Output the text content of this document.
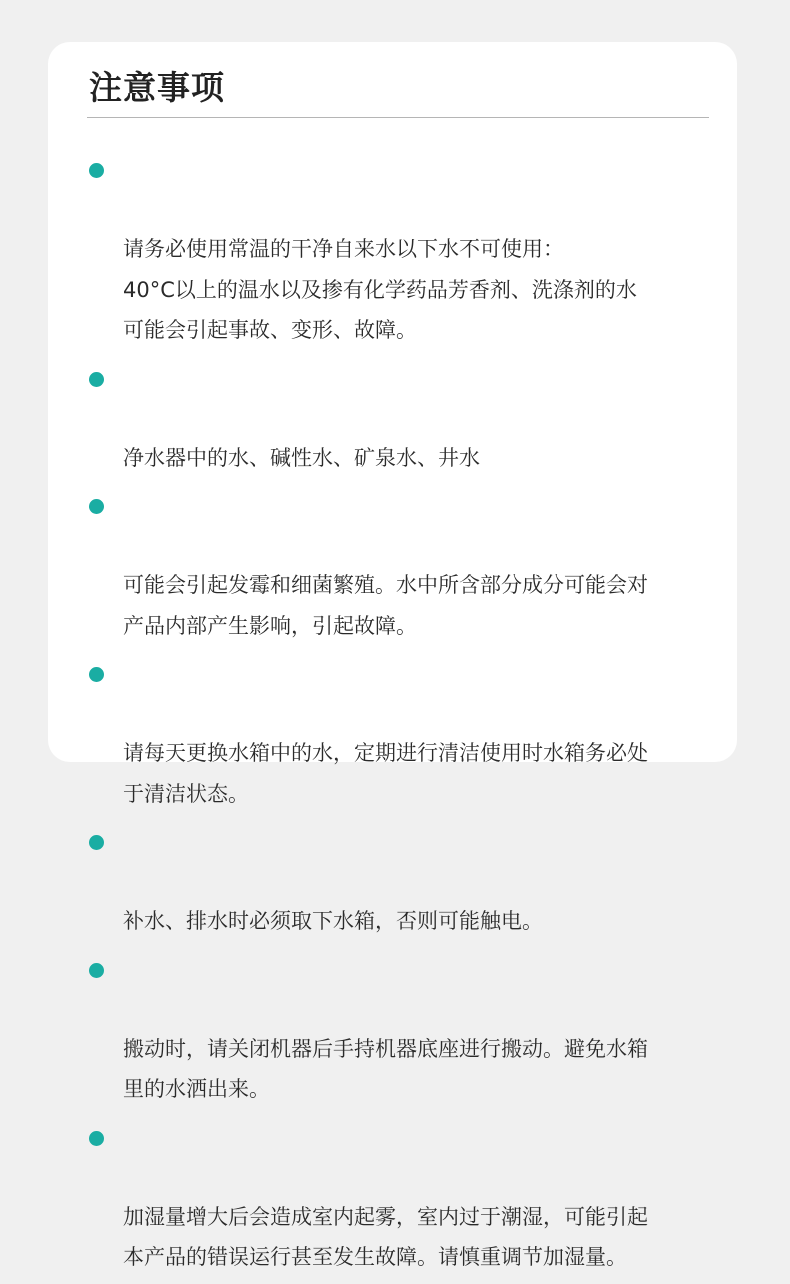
注意事项

请务必使用常温的干净自来水以下水不可使用：
40°C以上的温水以及掺有化学药品芳香剂、洗涤剂的水
可能会引起事故、变形、故障。

净水器中的水、碱性水、矿泉水、井水

可能会引起发霉和细菌繁殖。水中所含部分成分可能会对
产品内部产生影响，引起故障。

请每天更换水箱中的水，定期进行清洁使用时水箱务必处
于清洁状态。

补水、排水时必须取下水箱，否则可能触电。

搬动时，请关闭机器后手持机器底座进行搬动。避免水箱
里的水洒出来。

加湿量增大后会造成室内起雾，室内过于潮湿，可能引起
本产品的错误运行甚至发生故障。请慎重调节加湿量。
